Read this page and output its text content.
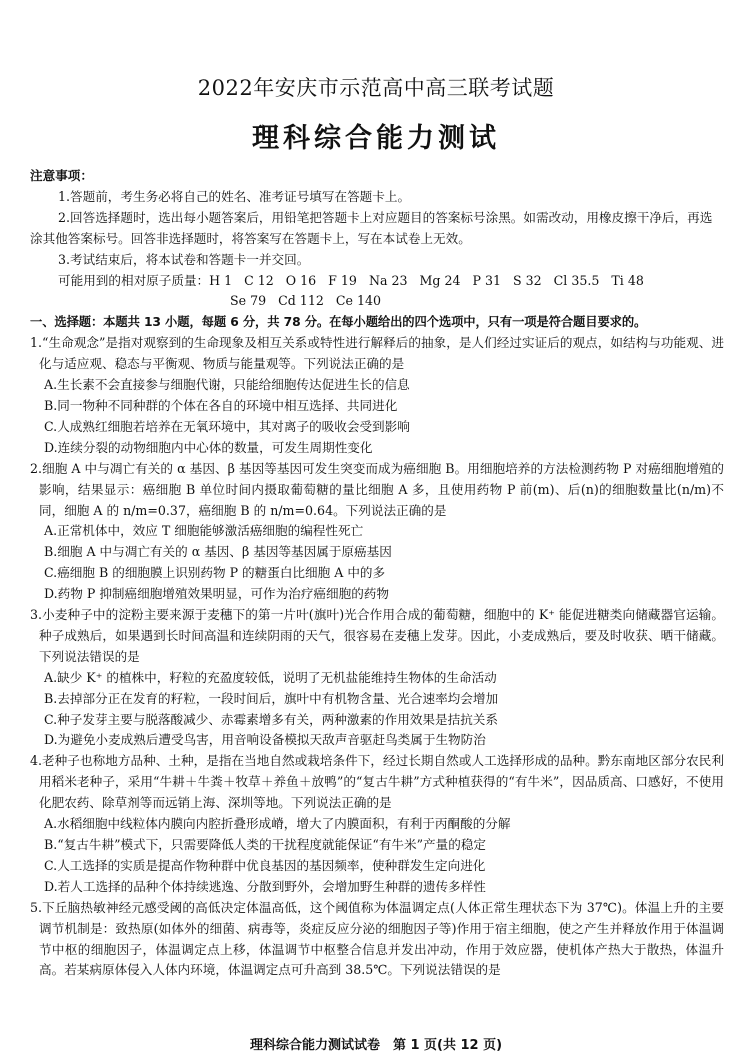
2022年安庆市示范高中高三联考试题
理科综合能力测试

注意事项：

1.答题前，考生务必将自己的姓名、准考证号填写在答题卡上。

2.回答选择题时，选出每小题答案后，用铅笔把答题卡上对应题目的答案标号涂黑。如需改动，用橡皮擦干净后，再选涂其他答案标号。回答非选择题时，将答案写在答题卡上，写在本试卷上无效。

3.考试结束后，将本试卷和答题卡一并交回。

可能用到的相对原子质量：H 1 C 12 O 16 F 19 Na 23 Mg 24 P 31 S 32 Cl 35.5 Ti 48
Se 79 Cd 112 Ce 140

一、选择题：本题共 13 小题，每题 6 分，共 78 分。在每小题给出的四个选项中，只有一项是符合题目要求的。

1.“生命观念”是指对观察到的生命现象及相互关系或特性进行解释后的抽象，是人们经过实证后的观点，如结构与功能观、进化与适应观、稳态与平衡观、物质与能量观等。下列说法正确的是

A.生长素不会直接参与细胞代谢，只能给细胞传达促进生长的信息

B.同一物种不同种群的个体在各自的环境中相互选择、共同进化

C.人成熟红细胞若培养在无氧环境中，其对离子的吸收会受到影响

D.连续分裂的动物细胞内中心体的数量，可发生周期性变化

2.细胞 A 中与凋亡有关的 α 基因、β 基因等基因可发生突变而成为癌细胞 B。用细胞培养的方法检测药物 P 对癌细胞增殖的影响，结果显示：癌细胞 B 单位时间内摄取葡萄糖的量比细胞 A 多，且使用药物 P 前(m)、后(n)的细胞数量比(n/m)不同，细胞 A 的 n/m=0.37，癌细胞 B 的 n/m=0.64。下列说法正确的是

A.正常机体中，效应 T 细胞能够激活癌细胞的编程性死亡

B.细胞 A 中与凋亡有关的 α 基因、β 基因等基因属于原癌基因

C.癌细胞 B 的细胞膜上识别药物 P 的糖蛋白比细胞 A 中的多

D.药物 P 抑制癌细胞增殖效果明显，可作为治疗癌细胞的药物

3.小麦种子中的淀粉主要来源于麦穗下的第一片叶(旗叶)光合作用合成的葡萄糖，细胞中的 K⁺ 能促进糖类向储藏器官运输。种子成熟后，如果遇到长时间高温和连续阴雨的天气，很容易在麦穗上发芽。因此，小麦成熟后，要及时收获、晒干储藏。下列说法错误的是

A.缺少 K⁺ 的植株中，籽粒的充盈度较低，说明了无机盐能维持生物体的生命活动

B.去掉部分正在发育的籽粒，一段时间后，旗叶中有机物含量、光合速率均会增加

C.种子发芽主要与脱落酸减少、赤霉素增多有关，两种激素的作用效果是拮抗关系

D.为避免小麦成熟后遭受鸟害，用音响设备模拟天敌声音驱赶鸟类属于生物防治

4.老种子也称地方品种、土种，是指在当地自然或栽培条件下，经过长期自然或人工选择形成的品种。黔东南地区部分农民利用稻米老种子，采用“牛耕＋牛粪＋牧草＋养鱼＋放鸭”的“复古牛耕”方式种植获得的“有牛米”，因品质高、口感好，不使用化肥农药、除草剂等而远销上海、深圳等地。下列说法正确的是

A.水稻细胞中线粒体内膜向内腔折叠形成嵴，增大了内膜面积，有利于丙酮酸的分解

B.“复古牛耕”模式下，只需要降低人类的干扰程度就能保证“有牛米”产量的稳定

C.人工选择的实质是提高作物种群中优良基因的基因频率，使种群发生定向进化

D.若人工选择的品种个体持续逃逸、分散到野外，会增加野生种群的遗传多样性

5.下丘脑热敏神经元感受阈的高低决定体温高低，这个阈值称为体温调定点(人体正常生理状态下为 37℃)。体温上升的主要调节机制是：致热原(如体外的细菌、病毒等，炎症反应分泌的细胞因子等)作用于宿主细胞，使之产生并释放作用于体温调节中枢的细胞因子，体温调定点上移，体温调节中枢整合信息并发出冲动，作用于效应器，使机体产热大于散热，体温升高。若某病原体侵入人体内环境，体温调定点可升高到 38.5℃。下列说法错误的是

理科综合能力测试试卷　第 1 页(共 12 页)
